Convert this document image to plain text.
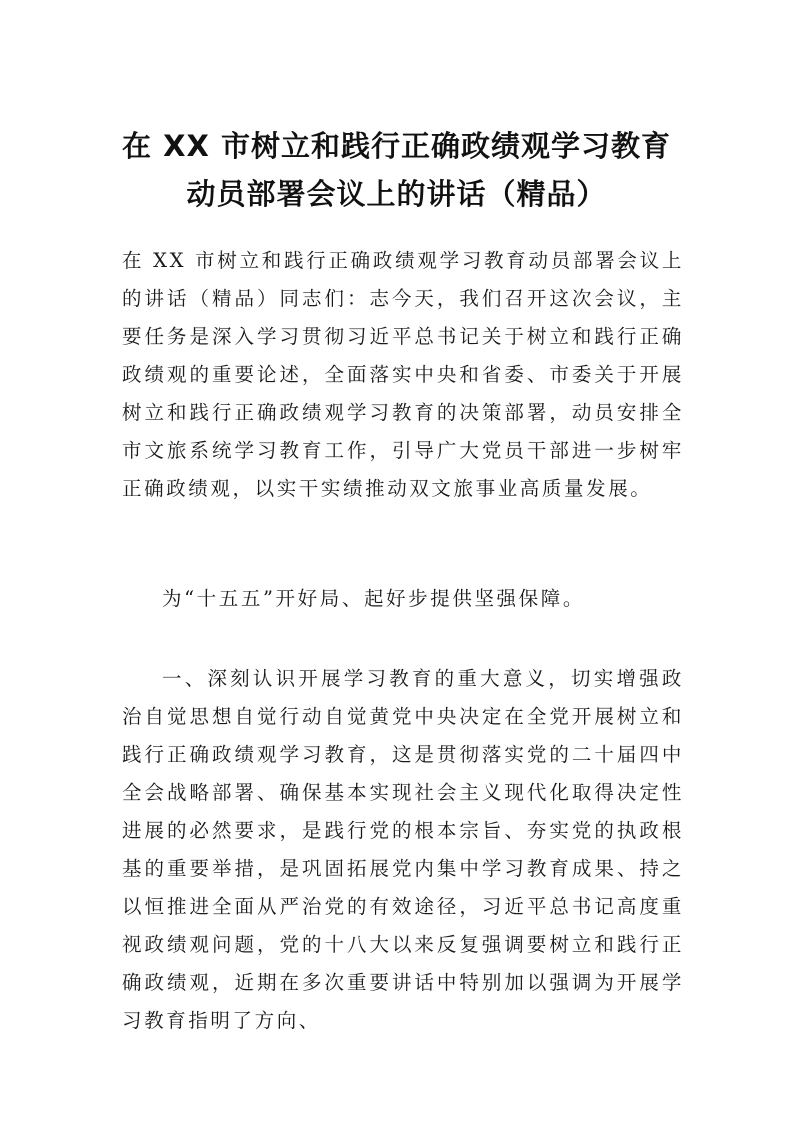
在 XX 市树立和践行正确政绩观学习教育
动员部署会议上的讲话（精品）

在 XX 市树立和践行正确政绩观学习教育动员部署会议上的讲话（精品）同志们：志今天，我们召开这次会议，主要任务是深入学习贯彻习近平总书记关于树立和践行正确政绩观的重要论述，全面落实中央和省委、市委关于开展树立和践行正确政绩观学习教育的决策部署，动员安排全市文旅系统学习教育工作，引导广大党员干部进一步树牢正确政绩观，以实干实绩推动双文旅事业高质量发展。

为“十五五”开好局、起好步提供坚强保障。

一、深刻认识开展学习教育的重大意义，切实增强政治自觉思想自觉行动自觉黄党中央决定在全党开展树立和践行正确政绩观学习教育，这是贯彻落实党的二十届四中全会战略部署、确保基本实现社会主义现代化取得决定性进展的必然要求，是践行党的根本宗旨、夯实党的执政根基的重要举措，是巩固拓展党内集中学习教育成果、持之以恒推进全面从严治党的有效途径，习近平总书记高度重视政绩观问题，党的十八大以来反复强调要树立和践行正确政绩观，近期在多次重要讲话中特别加以强调为开展学习教育指明了方向、
